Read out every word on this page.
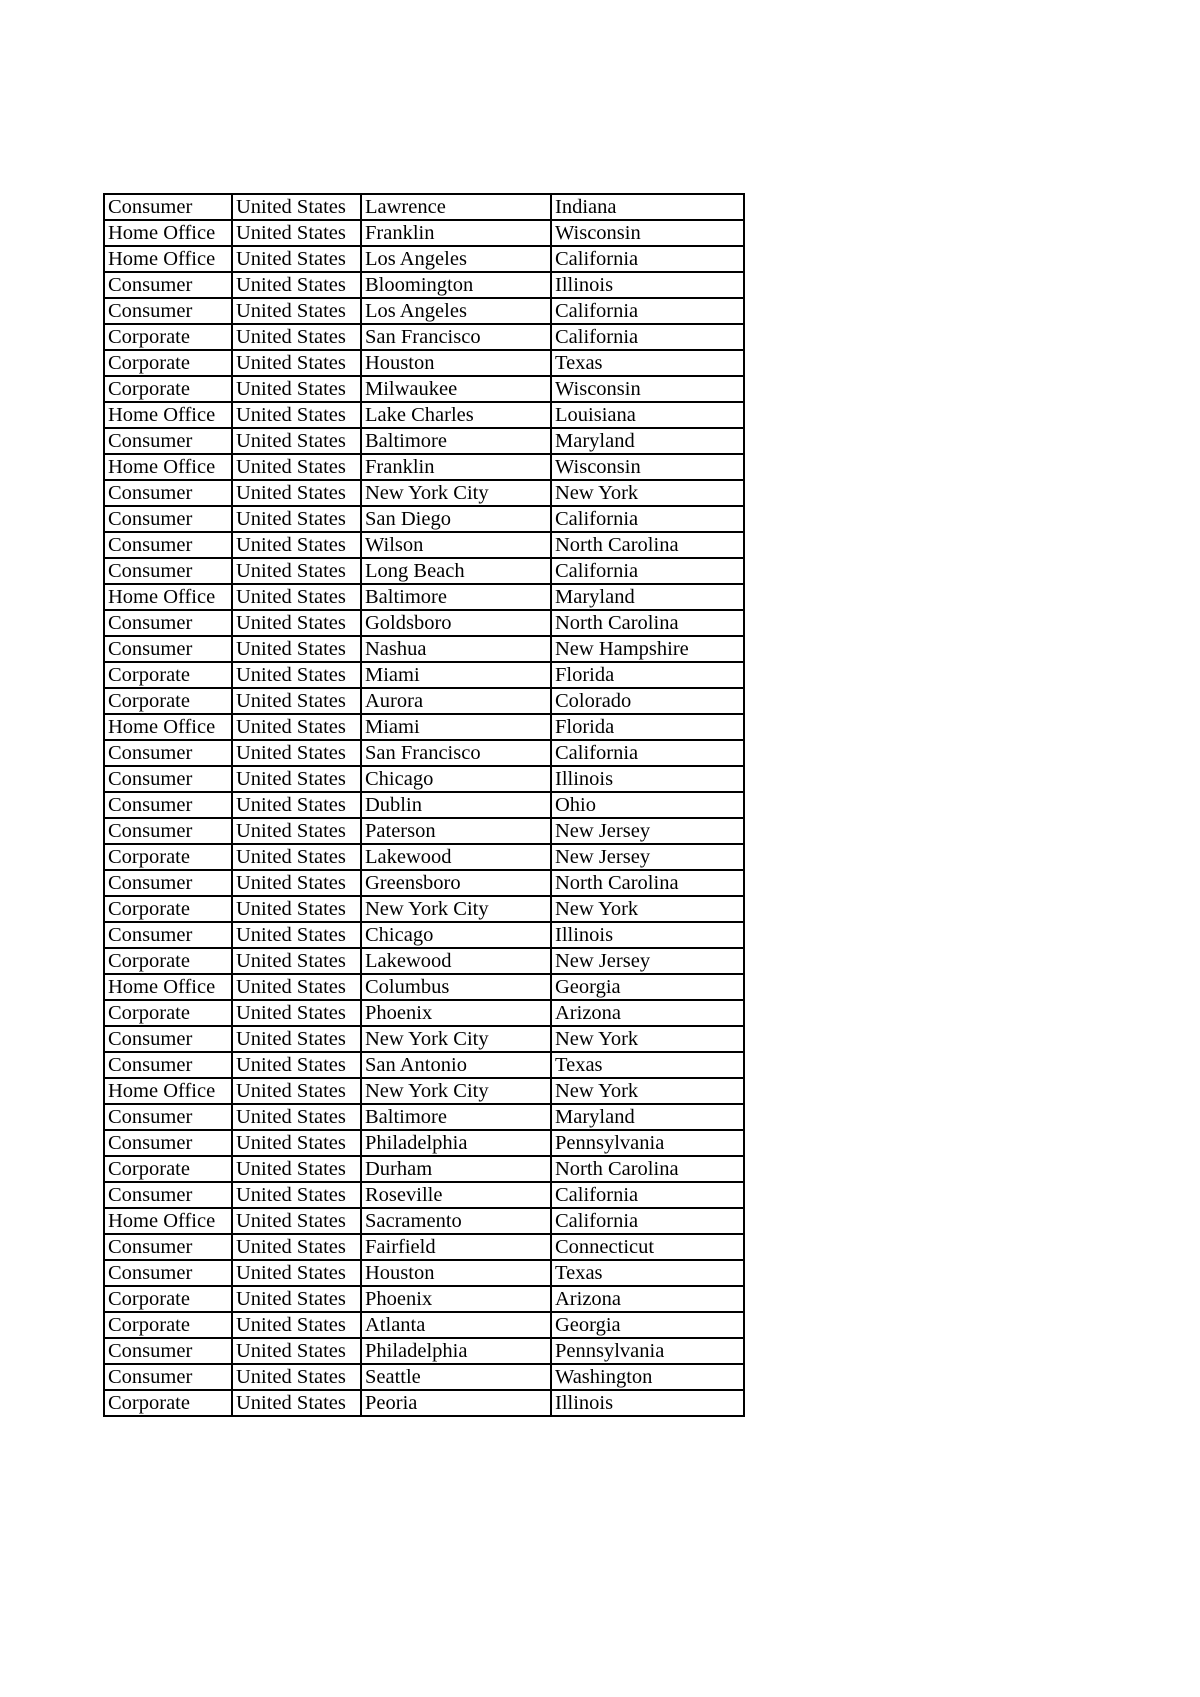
Consumer	United States	Lawrence	Indiana
Home Office	United States	Franklin	Wisconsin
Home Office	United States	Los Angeles	California
Consumer	United States	Bloomington	Illinois
Consumer	United States	Los Angeles	California
Corporate	United States	San Francisco	California
Corporate	United States	Houston	Texas
Corporate	United States	Milwaukee	Wisconsin
Home Office	United States	Lake Charles	Louisiana
Consumer	United States	Baltimore	Maryland
Home Office	United States	Franklin	Wisconsin
Consumer	United States	New York City	New York
Consumer	United States	San Diego	California
Consumer	United States	Wilson	North Carolina
Consumer	United States	Long Beach	California
Home Office	United States	Baltimore	Maryland
Consumer	United States	Goldsboro	North Carolina
Consumer	United States	Nashua	New Hampshire
Corporate	United States	Miami	Florida
Corporate	United States	Aurora	Colorado
Home Office	United States	Miami	Florida
Consumer	United States	San Francisco	California
Consumer	United States	Chicago	Illinois
Consumer	United States	Dublin	Ohio
Consumer	United States	Paterson	New Jersey
Corporate	United States	Lakewood	New Jersey
Consumer	United States	Greensboro	North Carolina
Corporate	United States	New York City	New York
Consumer	United States	Chicago	Illinois
Corporate	United States	Lakewood	New Jersey
Home Office	United States	Columbus	Georgia
Corporate	United States	Phoenix	Arizona
Consumer	United States	New York City	New York
Consumer	United States	San Antonio	Texas
Home Office	United States	New York City	New York
Consumer	United States	Baltimore	Maryland
Consumer	United States	Philadelphia	Pennsylvania
Corporate	United States	Durham	North Carolina
Consumer	United States	Roseville	California
Home Office	United States	Sacramento	California
Consumer	United States	Fairfield	Connecticut
Consumer	United States	Houston	Texas
Corporate	United States	Phoenix	Arizona
Corporate	United States	Atlanta	Georgia
Consumer	United States	Philadelphia	Pennsylvania
Consumer	United States	Seattle	Washington
Corporate	United States	Peoria	Illinois
